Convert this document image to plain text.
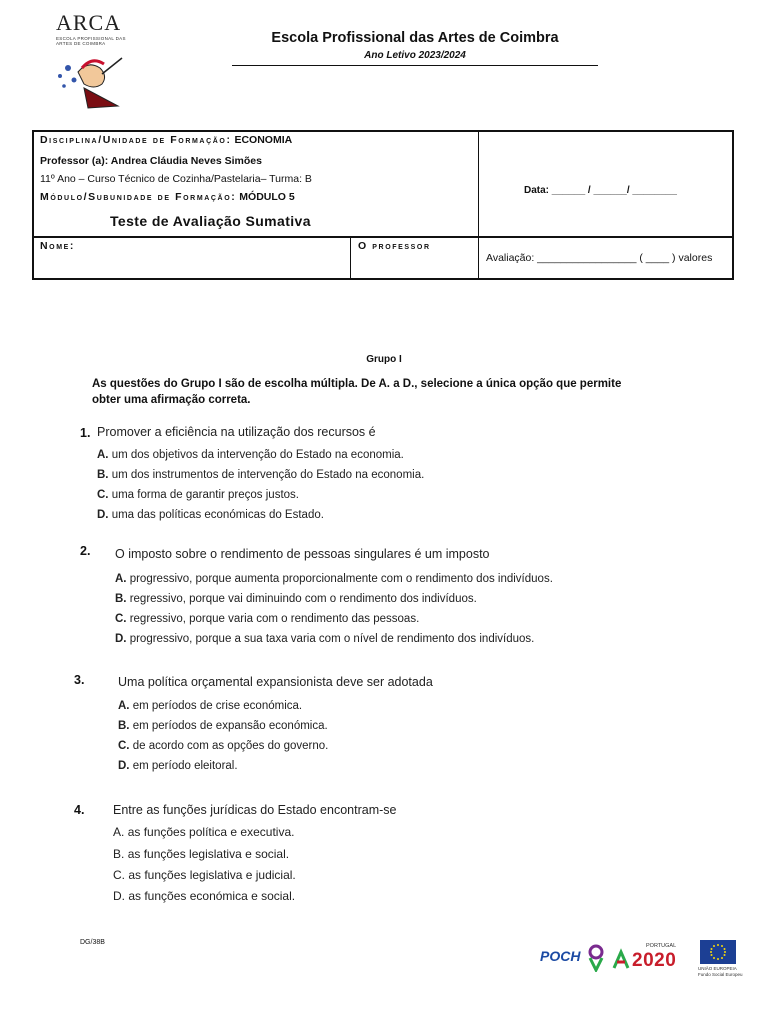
ARCA
ESCOLA PROFISSIONAL DAS ARTES DE COIMBRA	Escola Profissional das Artes de Coimbra
Ano Letivo 2023/2024
Disciplina/Unidade de Formação: ECONOMIA
Professor (a): Andrea Cláudia Neves Simões
11º Ano – Curso Técnico de Cozinha/Pastelaria– Turma: B
Módulo/Subunidade de Formação: MÓDULO 5
Teste de Avaliação Sumativa
Data: ______ / ______/ ________
Nome:	O professor
Avaliação: _________________ ( ____ ) valores
Grupo I
As questões do Grupo I são de escolha múltipla. De A. a D., selecione a única opção que permite obter uma afirmação correta.
1. Promover a eficiência na utilização dos recursos é
A. um dos objetivos da intervenção do Estado na economia.
B. um dos instrumentos de intervenção do Estado na economia.
C. uma forma de garantir preços justos.
D. uma das políticas económicas do Estado.
2. O imposto sobre o rendimento de pessoas singulares é um imposto
A. progressivo, porque aumenta proporcionalmente com o rendimento dos indivíduos.
B. regressivo, porque vai diminuindo com o rendimento dos indivíduos.
C. regressivo, porque varia com o rendimento das pessoas.
D. progressivo, porque a sua taxa varia com o nível de rendimento dos indivíduos.
3.	Uma política orçamental expansionista deve ser adotada
A. em períodos de crise económica.
B. em períodos de expansão económica.
C. de acordo com as opções do governo.
D. em período eleitoral.
4. Entre as funções jurídicas do Estado encontram-se
A. as funções política e executiva.
B. as funções legislativa e social.
C. as funções legislativa e judicial.
D. as funções económica e social.
DG/38B
POCH
PORTUGAL
2020	UNIÃO EUROPEIA
Fundo Social Europeu
